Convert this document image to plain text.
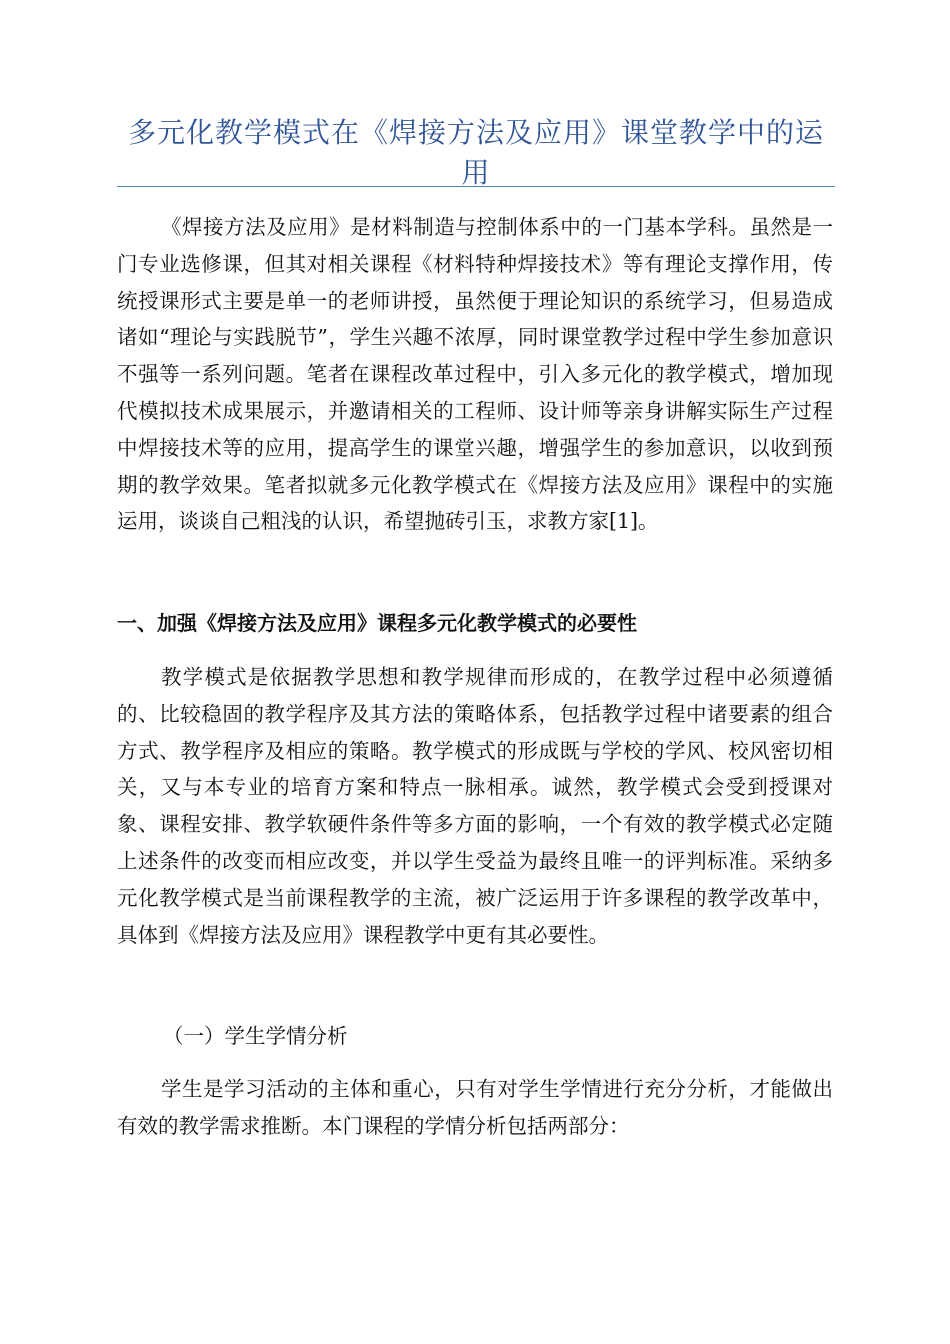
多元化教学模式在《焊接方法及应用》课堂教学中的运用

《焊接方法及应用》是材料制造与控制体系中的一门基本学科。虽然是一门专业选修课，但其对相关课程《材料特种焊接技术》等有理论支撑作用，传统授课形式主要是单一的老师讲授，虽然便于理论知识的系统学习，但易造成诸如“理论与实践脱节”，学生兴趣不浓厚，同时课堂教学过程中学生参加意识不强等一系列问题。笔者在课程改革过程中，引入多元化的教学模式，增加现代模拟技术成果展示，并邀请相关的工程师、设计师等亲身讲解实际生产过程中焊接技术等的应用，提高学生的课堂兴趣，增强学生的参加意识，以收到预期的教学效果。笔者拟就多元化教学模式在《焊接方法及应用》课程中的实施运用，谈谈自己粗浅的认识，希望抛砖引玉，求教方家[1]。

一、加强《焊接方法及应用》课程多元化教学模式的必要性

教学模式是依据教学思想和教学规律而形成的，在教学过程中必须遵循的、比较稳固的教学程序及其方法的策略体系，包括教学过程中诸要素的组合方式、教学程序及相应的策略。教学模式的形成既与学校的学风、校风密切相关，又与本专业的培育方案和特点一脉相承。诚然，教学模式会受到授课对象、课程安排、教学软硬件条件等多方面的影响，一个有效的教学模式必定随上述条件的改变而相应改变，并以学生受益为最终且唯一的评判标准。采纳多元化教学模式是当前课程教学的主流，被广泛运用于许多课程的教学改革中，具体到《焊接方法及应用》课程教学中更有其必要性。

（一）学生学情分析

学生是学习活动的主体和重心，只有对学生学情进行充分分析，才能做出有效的教学需求推断。本门课程的学情分析包括两部分：
